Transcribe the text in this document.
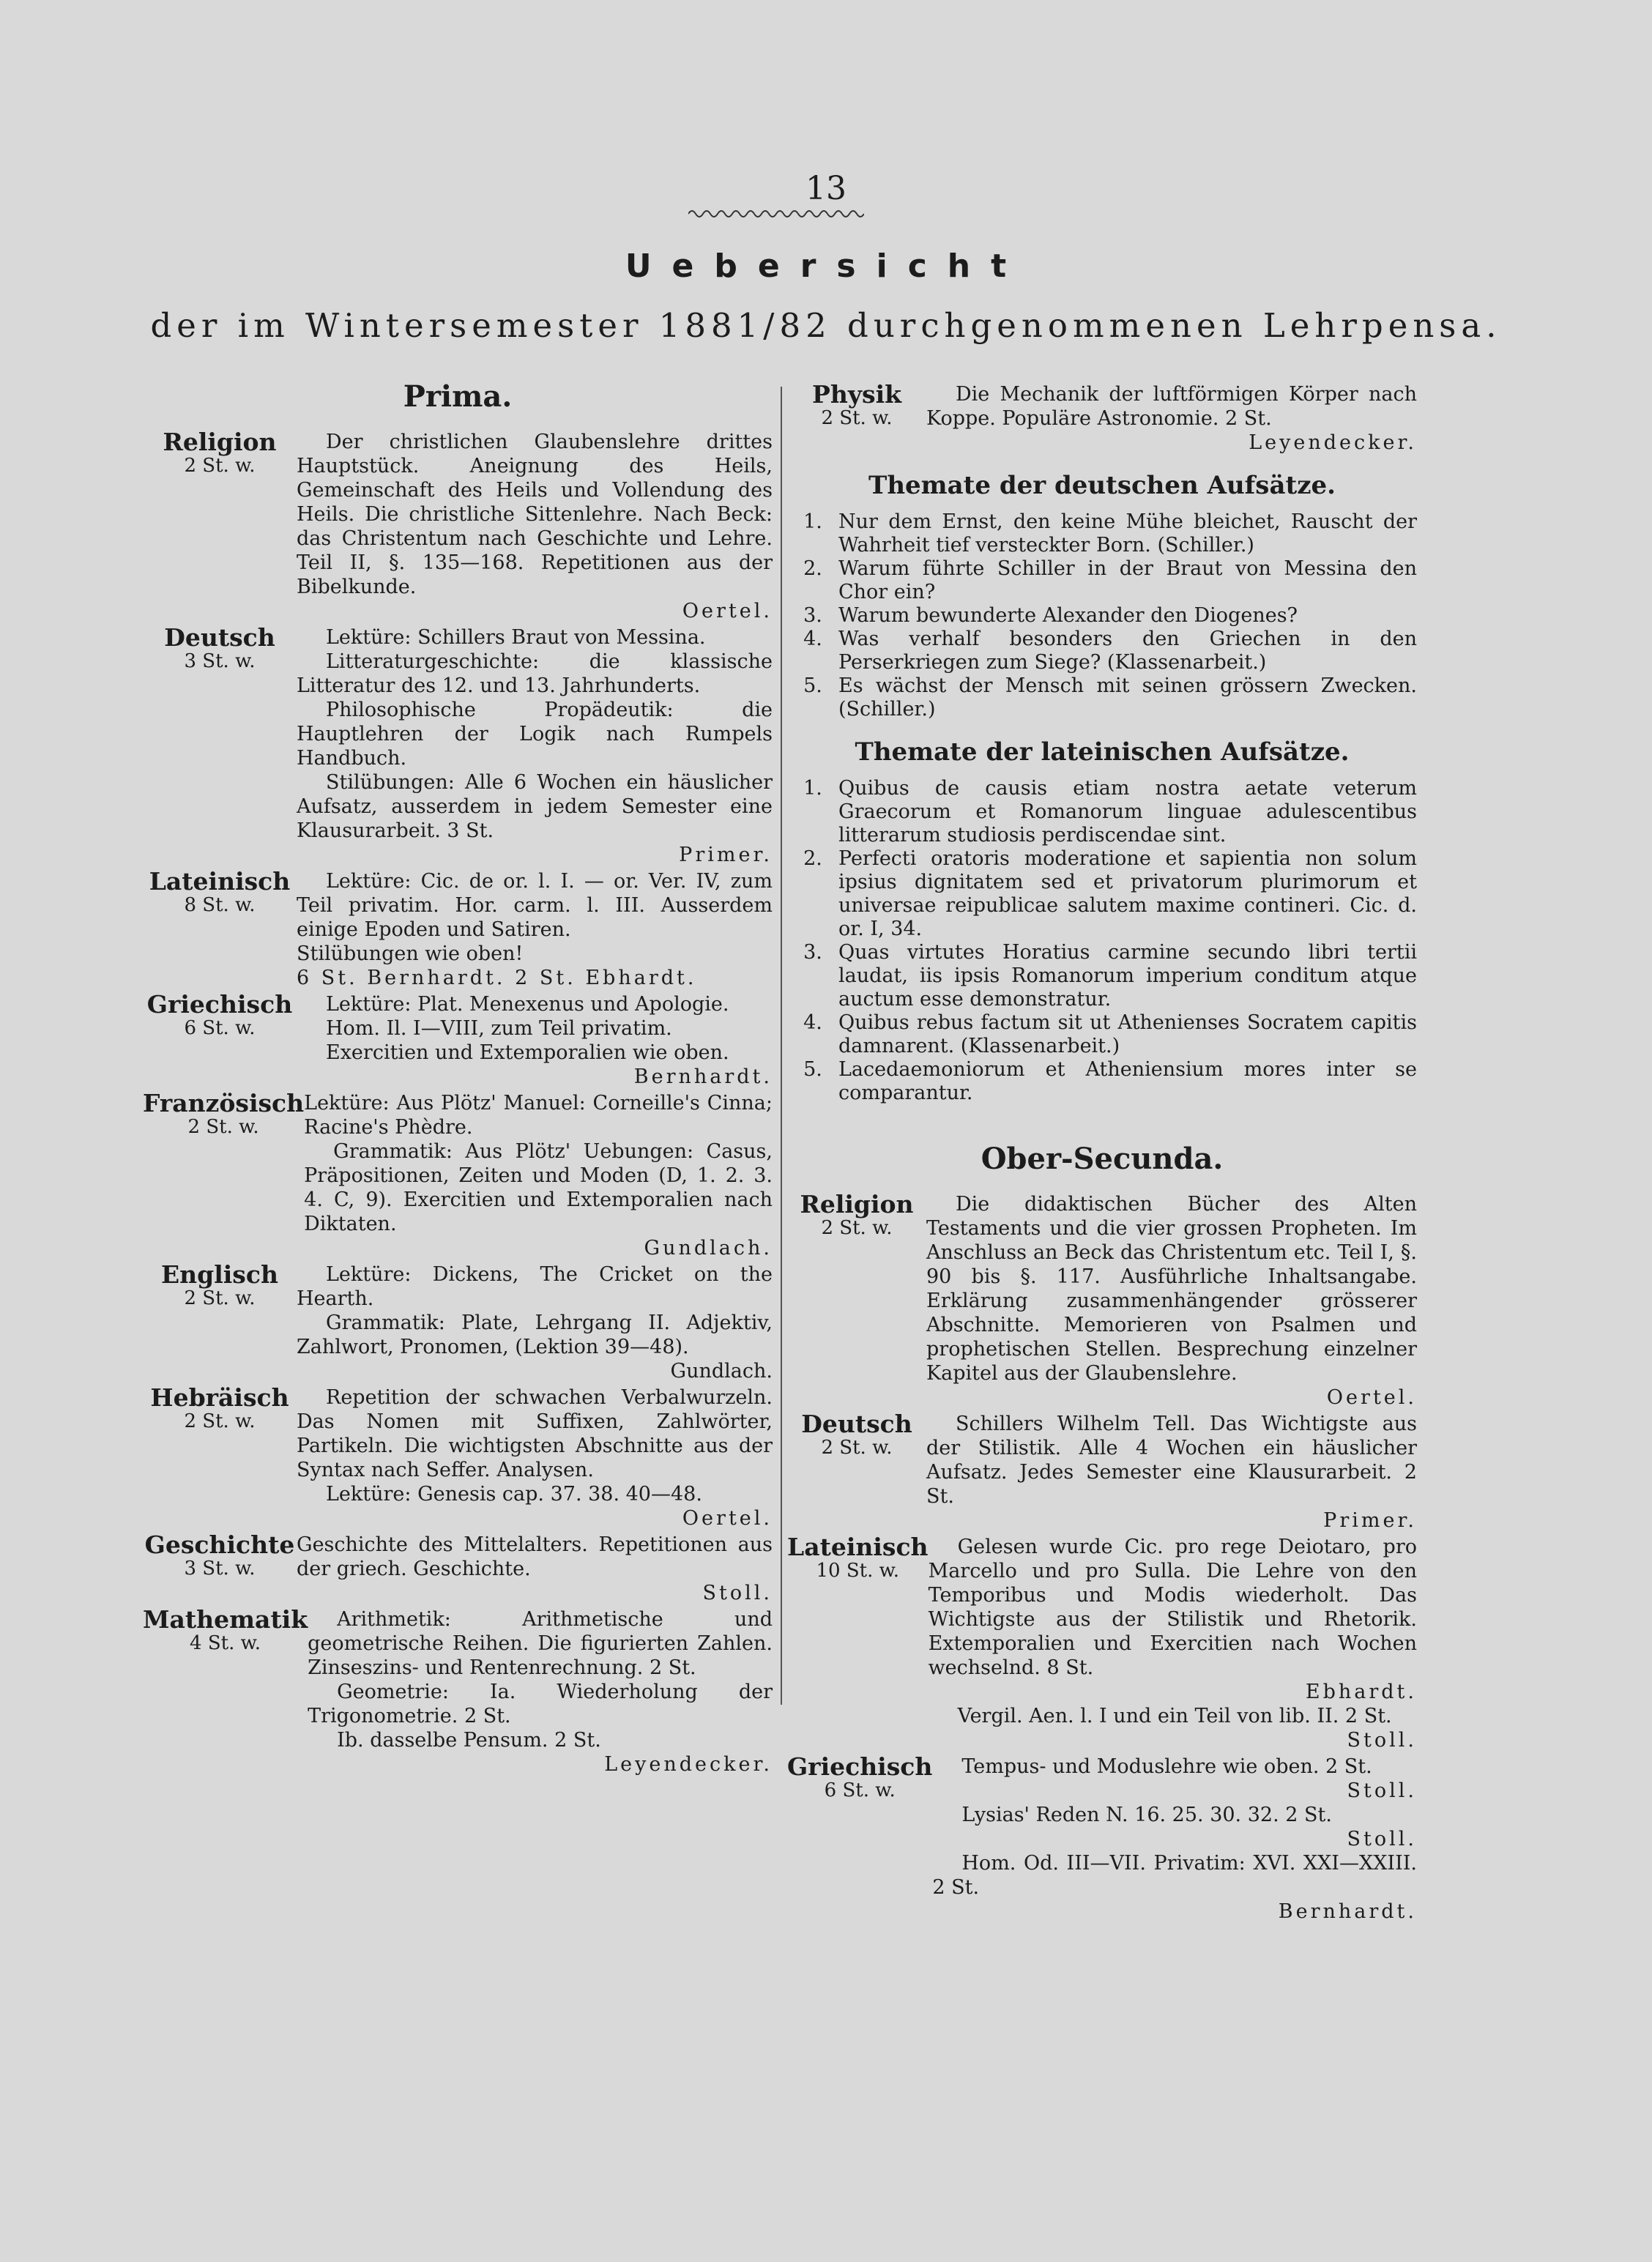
13
Uebersicht
der im Wintersemester 1881/82 durchgenommenen Lehrpensa.
Prima.
Religion
2 St. w.
Der christlichen Glaubenslehre drittes Hauptstück. Aneignung des Heils, Gemeinschaft des Heils und Vollendung des Heils. Die christliche Sittenlehre. Nach Beck: das Christentum nach Geschichte und Lehre. Teil II, §. 135—168. Repetitionen aus der Bibelkunde.
Oertel.
Deutsch
3 St. w.
Lektüre: Schillers Braut von Messina.
Litteraturgeschichte: die klassische Litteratur des 12. und 13. Jahrhunderts.
Philosophische Propädeutik: die Hauptlehren der Logik nach Rumpels Handbuch.
Stilübungen: Alle 6 Wochen ein häuslicher Aufsatz, ausserdem in jedem Semester eine Klausurarbeit. 3 St.
Primer.
Lateinisch
8 St. w.
Lektüre: Cic. de or. l. I. — or. Ver. IV, zum Teil privatim. Hor. carm. l. III. Ausserdem einige Epoden und Satiren.
Stilübungen wie oben!
6 St. Bernhardt. 2 St. Ebhardt.
Griechisch
6 St. w.
Lektüre: Plat. Menexenus und Apologie.
Hom. Il. I—VIII, zum Teil privatim.
Exercitien und Extemporalien wie oben.
Bernhardt.
Französisch
2 St. w.
Lektüre: Aus Plötz' Manuel: Corneille's Cinna; Racine's Phèdre.
Grammatik: Aus Plötz' Uebungen: Casus, Präpositionen, Zeiten und Moden (D, 1. 2. 3. 4. C, 9). Exercitien und Extemporalien nach Diktaten.
Gundlach.
Englisch
2 St. w.
Lektüre: Dickens, The Cricket on the Hearth.
Grammatik: Plate, Lehrgang II. Adjektiv, Zahlwort, Pronomen, (Lektion 39—48).
Gundlach.
Hebräisch
2 St. w.
Repetition der schwachen Verbalwurzeln. Das Nomen mit Suffixen, Zahlwörter, Partikeln. Die wichtigsten Abschnitte aus der Syntax nach Seffer. Analysen.
Lektüre: Genesis cap. 37. 38. 40—48.
Oertel.
Geschichte
3 St. w.
Geschichte des Mittelalters. Repetitionen aus der griech. Geschichte.
Stoll.
Mathematik
4 St. w.
Arithmetik: Arithmetische und geometrische Reihen. Die figurierten Zahlen. Zinseszins- und Rentenrechnung. 2 St.
Geometrie: Ia. Wiederholung der Trigonometrie. 2 St.
Ib. dasselbe Pensum. 2 St.
Leyendecker.
Physik
2 St. w.
Die Mechanik der luftförmigen Körper nach Koppe. Populäre Astronomie. 2 St.
Leyendecker.
Themate der deutschen Aufsätze.
1. Nur dem Ernst, den keine Mühe bleichet, Rauscht der Wahrheit tief versteckter Born. (Schiller.)
2. Warum führte Schiller in der Braut von Messina den Chor ein?
3. Warum bewunderte Alexander den Diogenes?
4. Was verhalf besonders den Griechen in den Perserkriegen zum Siege? (Klassenarbeit.)
5. Es wächst der Mensch mit seinen grössern Zwecken. (Schiller.)
Themate der lateinischen Aufsätze.
1. Quibus de causis etiam nostra aetate veterum Graecorum et Romanorum linguae adulescentibus litterarum studiosis perdiscendae sint.
2. Perfecti oratoris moderatione et sapientia non solum ipsius dignitatem sed et privatorum plurimorum et universae reipublicae salutem maxime contineri. Cic. d. or. I, 34.
3. Quas virtutes Horatius carmine secundo libri tertii laudat, iis ipsis Romanorum imperium conditum atque auctum esse demonstratur.
4. Quibus rebus factum sit ut Athenienses Socratem capitis damnarent. (Klassenarbeit.)
5. Lacedaemoniorum et Atheniensium mores inter se comparantur.
Ober-Secunda.
Religion
2 St. w.
Die didaktischen Bücher des Alten Testaments und die vier grossen Propheten. Im Anschluss an Beck das Christentum etc. Teil I, §. 90 bis §. 117. Ausführliche Inhaltsangabe. Erklärung zusammenhängender grösserer Abschnitte. Memorieren von Psalmen und prophetischen Stellen. Besprechung einzelner Kapitel aus der Glaubenslehre.
Oertel.
Deutsch
2 St. w.
Schillers Wilhelm Tell. Das Wichtigste aus der Stilistik. Alle 4 Wochen ein häuslicher Aufsatz. Jedes Semester eine Klausurarbeit. 2 St.
Primer.
Lateinisch
10 St. w.
Gelesen wurde Cic. pro rege Deiotaro, pro Marcello und pro Sulla. Die Lehre von den Temporibus und Modis wiederholt. Das Wichtigste aus der Stilistik und Rhetorik. Extemporalien und Exercitien nach Wochen wechselnd. 8 St.
Ebhardt.
Vergil. Aen. l. I und ein Teil von lib. II. 2 St.
Stoll.
Griechisch
6 St. w.
Tempus- und Moduslehre wie oben. 2 St.
Stoll.
Lysias' Reden N. 16. 25. 30. 32. 2 St.
Stoll.
Hom. Od. III—VII. Privatim: XVI. XXI—XXIII. 2 St.
Bernhardt.
